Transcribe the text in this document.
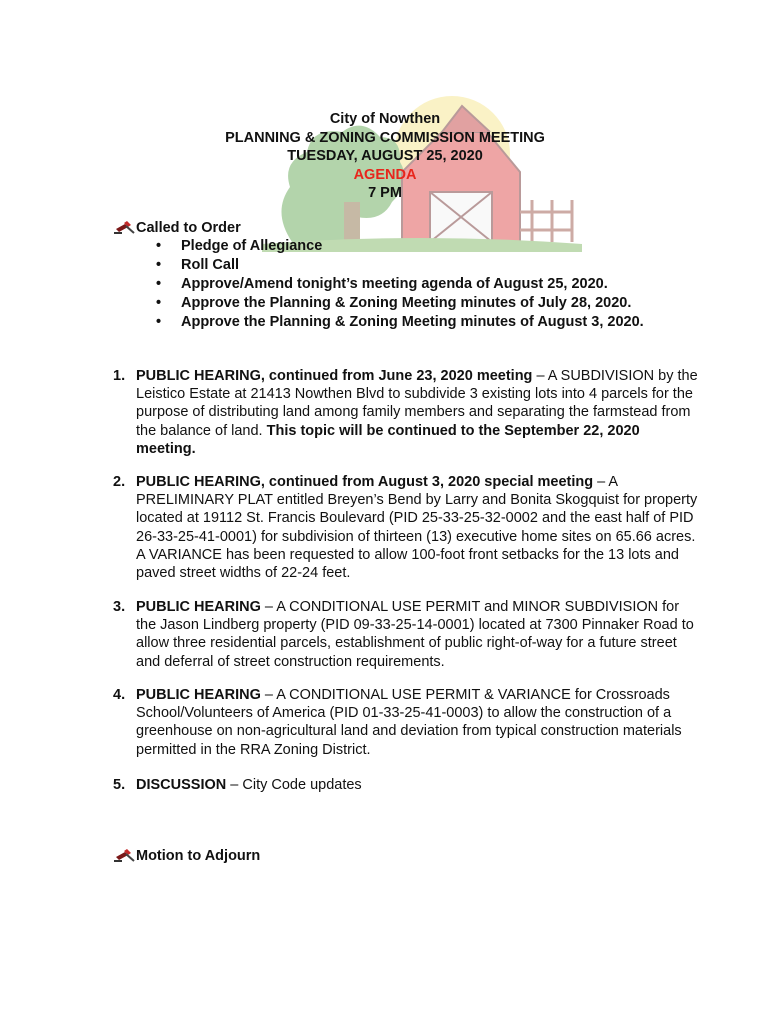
City of Nowthen
PLANNING & ZONING COMMISSION MEETING
TUESDAY, AUGUST 25, 2020
AGENDA
7 PM
Called to Order
• Pledge of Allegiance
• Roll Call
• Approve/Amend tonight’s meeting agenda of August 25, 2020.
• Approve the Planning & Zoning Meeting minutes of July 28, 2020.
• Approve the Planning & Zoning Meeting minutes of August 3, 2020.
1. PUBLIC HEARING, continued from June 23, 2020 meeting – A SUBDIVISION by the Leistico Estate at 21413 Nowthen Blvd to subdivide 3 existing lots into 4 parcels for the purpose of distributing land among family members and separating the farmstead from the balance of land. This topic will be continued to the September 22, 2020 meeting.
2. PUBLIC HEARING, continued from August 3, 2020 special meeting – A PRELIMINARY PLAT entitled Breyen’s Bend by Larry and Bonita Skogquist for property located at 19112 St. Francis Boulevard (PID 25-33-25-32-0002 and the east half of PID 26-33-25-41-0001) for subdivision of thirteen (13) executive home sites on 65.66 acres. A VARIANCE has been requested to allow 100-foot front setbacks for the 13 lots and paved street widths of 22-24 feet.
3. PUBLIC HEARING – A CONDITIONAL USE PERMIT and MINOR SUBDIVISION for the Jason Lindberg property (PID 09-33-25-14-0001) located at 7300 Pinnaker Road to allow three residential parcels, establishment of public right-of-way for a future street and deferral of street construction requirements.
4. PUBLIC HEARING – A CONDITIONAL USE PERMIT & VARIANCE for Crossroads School/Volunteers of America (PID 01-33-25-41-0003) to allow the construction of a greenhouse on non-agricultural land and deviation from typical construction materials permitted in the RRA Zoning District.
5. DISCUSSION – City Code updates
Motion to Adjourn
